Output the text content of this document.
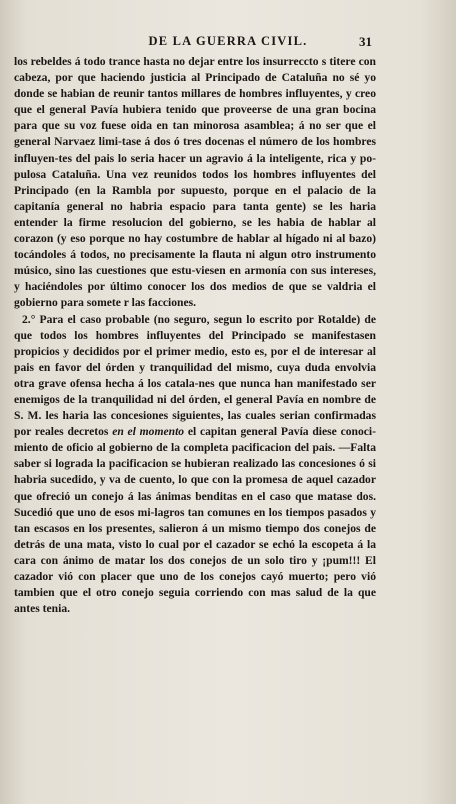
DE LA GUERRA CIVIL.	31

los rebeldes á todo trance hasta no dejar entre los insurreccto s titere con cabeza, por que haciendo justicia al Principado de Cataluña no sé yo donde se habian de reunir tantos millares de hombres influyentes, y creo que el general Pavía hubiera tenido que proveerse de una gran bocina para que su voz fuese oida en tan minorosa asamblea; á no ser que el general Narvaez limi-tase á dos ó tres docenas el número de los hombres influyen-tes del pais lo seria hacer un agravio á la inteligente, rica y po-pulosa Cataluña. Una vez reunidos todos los hombres influyentes del Principado (en la Rambla por supuesto, porque en el palacio de la capitanía general no habria espacio para tanta gente) se les haria entender la firme resolucion del gobierno, se les habia de hablar al corazon (y eso porque no hay costumbre de hablar al hígado ni al bazo) tocándoles á todos, no precisamente la flauta ni algun otro instrumento músico, sino las cuestiones que estu-viesen en armonía con sus intereses, y haciéndoles por último conocer los dos medios de que se valdria el gobierno para somete r las facciones.

2.° Para el caso probable (no seguro, segun lo escrito por Rotalde) de que todos los hombres influyentes del Principado se manifestasen propicios y decididos por el primer medio, esto es, por el de interesar al pais en favor del órden y tranquilidad del mismo, cuya duda envolvia otra grave ofensa hecha á los catala-nes que nunca han manifestado ser enemigos de la tranquilidad ni del órden, el general Pavía en nombre de S. M. les haria las concesiones siguientes, las cuales serian confirmadas por reales decretos en el momento el capitan general Pavía diese conoci-miento de oficio al gobierno de la completa pacificacion del pais. —Falta saber si lograda la pacificacion se hubieran realizado las concesiones ó si habria sucedido, y va de cuento, lo que con la promesa de aquel cazador que ofreció un conejo á las ánimas benditas en el caso que matase dos. Sucedió que uno de esos mi-lagros tan comunes en los tiempos pasados y tan escasos en los presentes, salieron á un mismo tiempo dos conejos de detrás de una mata, visto lo cual por el cazador se echó la escopeta á la cara con ánimo de matar los dos conejos de un solo tiro y ¡pum!!! El cazador vió con placer que uno de los conejos cayó muerto; pero vió tambien que el otro conejo seguia corriendo con mas salud de la que antes tenia.
